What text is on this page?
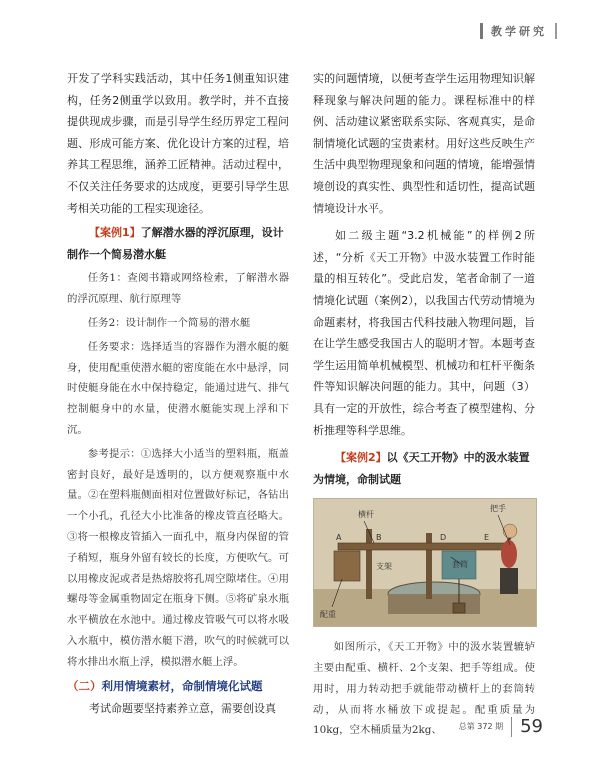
教学研究

开发了学科实践活动，其中任务1侧重知识建构，任务2侧重学以致用。教学时，并不直接提供现成步骤，而是引导学生经历界定工程问题、形成可能方案、优化设计方案的过程，培养其工程思维，涵养工匠精神。活动过程中，不仅关注任务要求的达成度，更要引导学生思考相关功能的工程实现途径。

【案例1】了解潜水器的浮沉原理，设计制作一个简易潜水艇

任务1：查阅书籍或网络检索，了解潜水器的浮沉原理、航行原理等

任务2：设计制作一个简易的潜水艇

任务要求：选择适当的容器作为潜水艇的艇身，使用配重使潜水艇的密度能在水中悬浮，同时使艇身能在水中保持稳定，能通过进气、排气控制艇身中的水量，使潜水艇能实现上浮和下沉。

参考提示：①选择大小适当的塑料瓶，瓶盖密封良好，最好是透明的，以方便观察瓶中水量。②在塑料瓶侧面相对位置做好标记，各钻出一个小孔，孔径大小比准备的橡皮管直径略大。③将一根橡皮管插入一面孔中，瓶身内保留的管子稍短，瓶身外留有较长的长度，方便吹气。可以用橡皮泥或者是热熔胶将孔周空隙堵住。④用螺母等金属重物固定在瓶身下侧。⑤将矿泉水瓶水平横放在水池中。通过橡皮管吸气可以将水吸入水瓶中，模仿潜水艇下潜，吹气的时候就可以将水排出水瓶上浮，模拟潜水艇上浮。

（二）利用情境素材，命制情境化试题

考试命题要坚持素养立意，需要创设真

实的问题情境，以便考查学生运用物理知识解释现象与解决问题的能力。课程标准中的样例、活动建议紧密联系实际、客观真实，是命制情境化试题的宝贵素材。用好这些反映生产生活中典型物理现象和问题的情境，能增强情境创设的真实性、典型性和适切性，提高试题情境设计水平。

如二级主题“3.2机械能”的样例2所述，“分析《天工开物》中汲水装置工作时能量的相互转化”。受此启发，笔者命制了一道情境化试题（案例2），以我国古代劳动情境为命题素材，将我国古代科技融入物理问题，旨在让学生感受我国古人的聪明才智。本题考查学生运用简单机械模型、机械功和杠杆平衡条件等知识解决问题的能力。其中，问题（3）具有一定的开放性，综合考查了模型建构、分析推理等科学思维。

【案例2】以《天工开物》中的汲水装置为情境，命制试题

横杆
把手
A	B	D	E
支架	套筒
配重

如图所示，《天工开物》中的汲水装置辘轳主要由配重、横杆、2个支架、把手等组成。使用时，用力转动把手就能带动横杆上的套筒转动，从而将水桶放下或提起。配重质量为10kg，空木桶质量为2kg、	总第 372 期 59
